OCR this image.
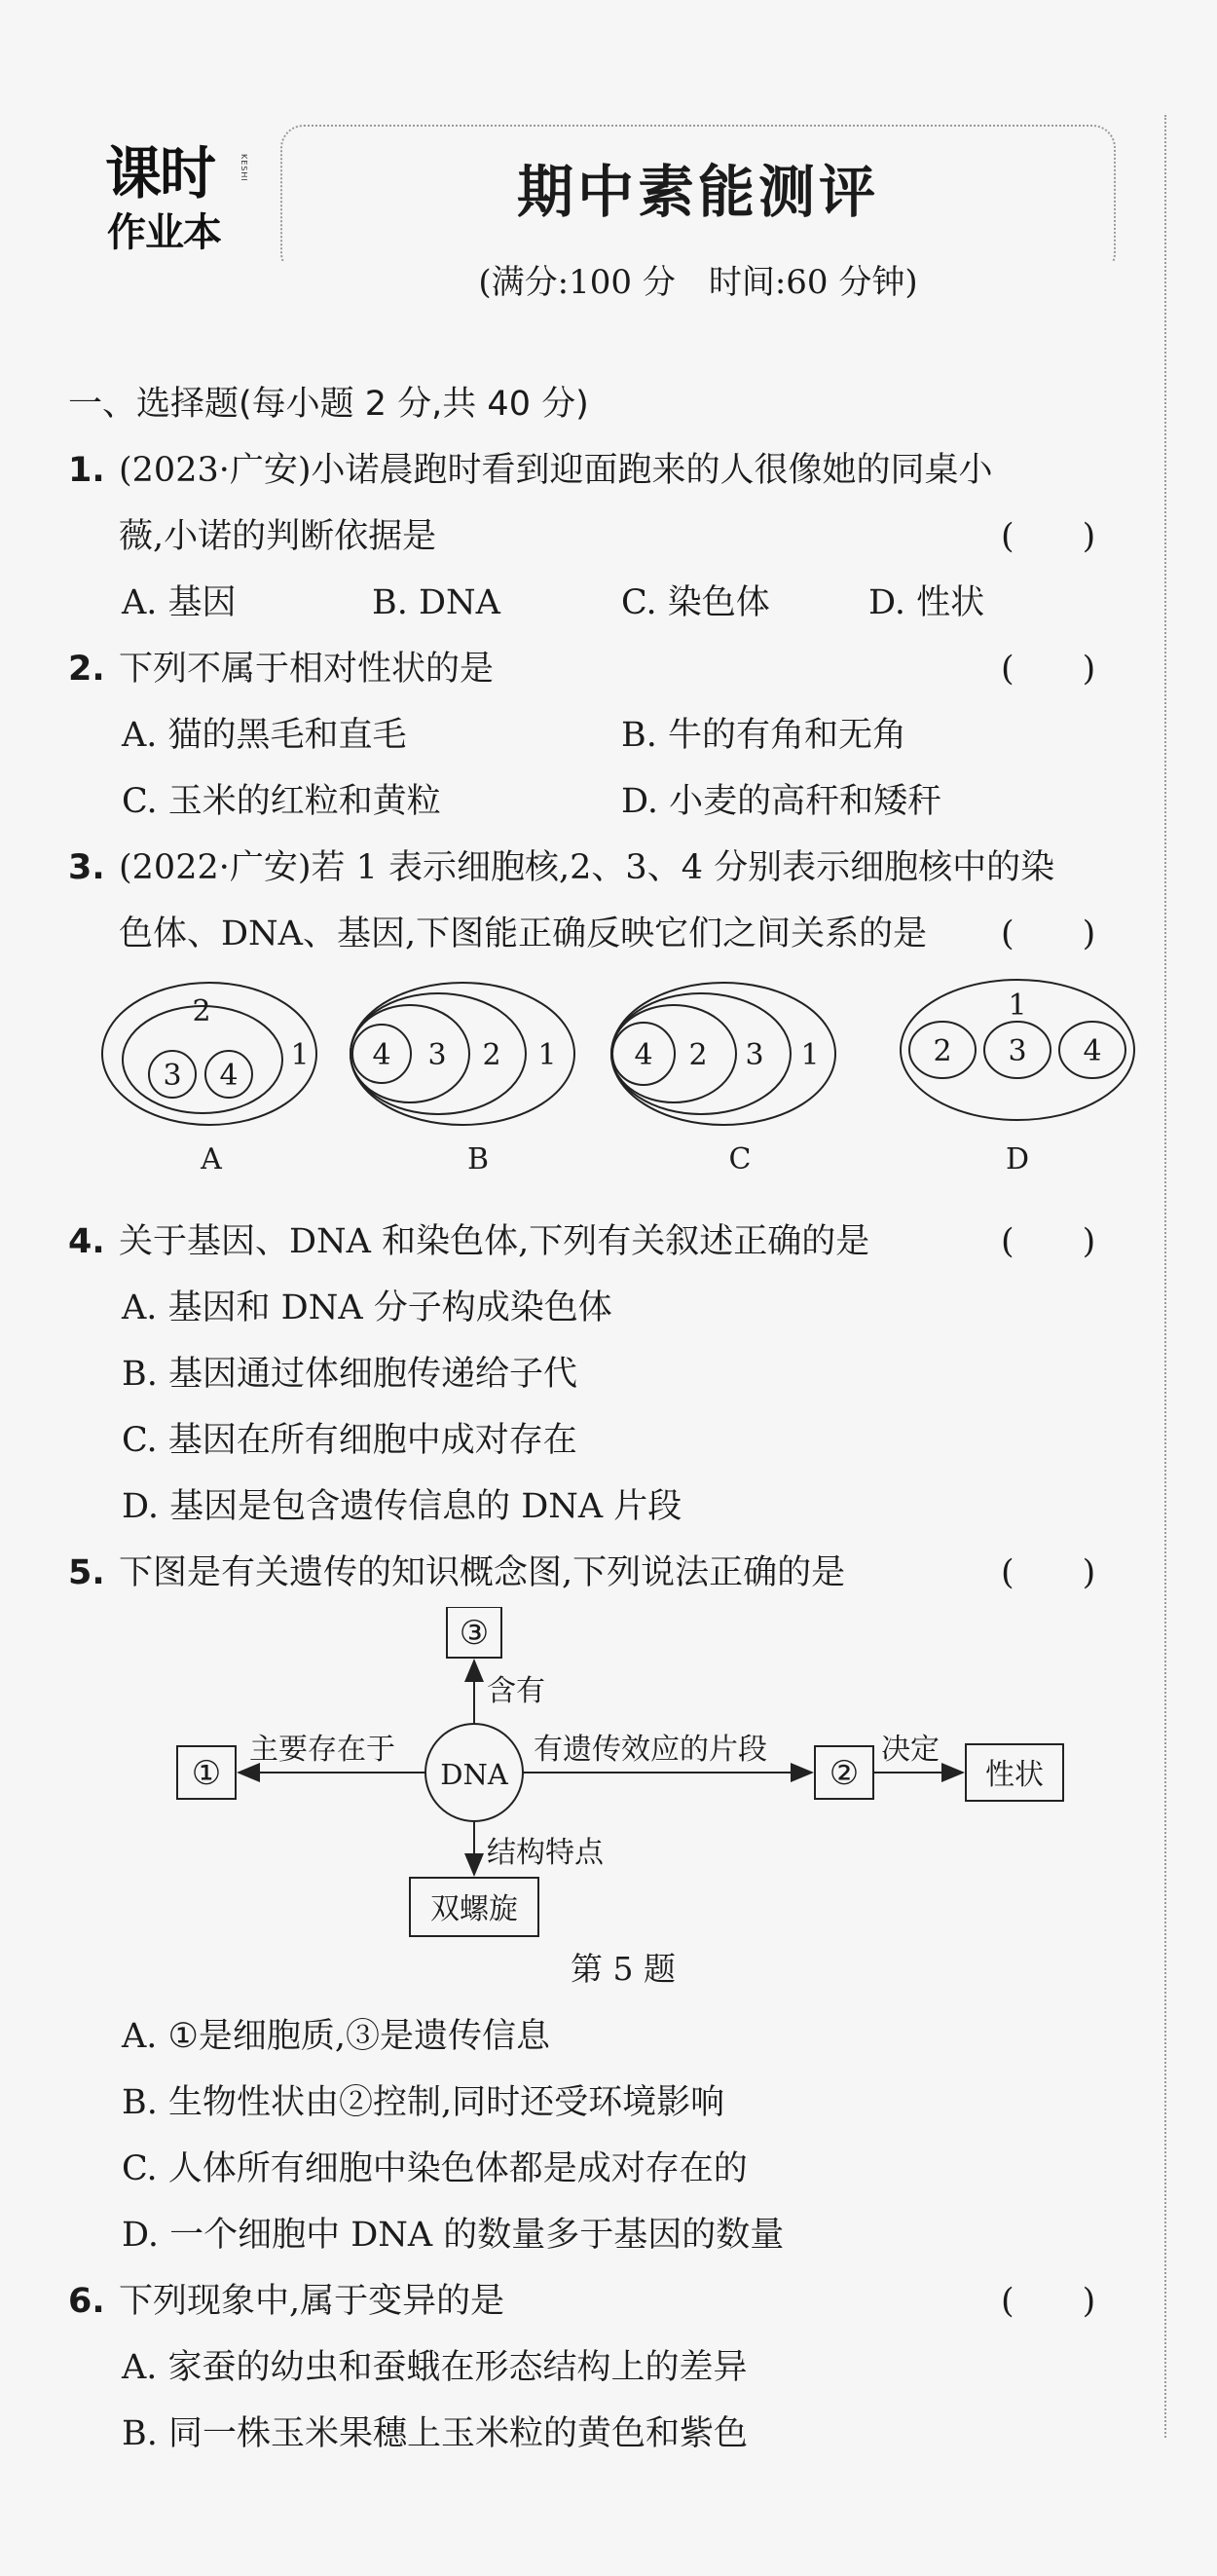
课时	KESHI
作业本
期中素能测评
(满分:100 分　时间:60 分钟)
一、选择题(每小题 2 分,共 40 分)
1. (2023·广安)小诺晨跑时看到迎面跑来的人很像她的同桌小
薇,小诺的判断依据是	(　　)
A. 基因	B. DNA	C. 染色体	D. 性状
2. 下列不属于相对性状的是	(　　)
A. 猫的黑毛和直毛	B. 牛的有角和无角
C. 玉米的红粒和黄粒	D. 小麦的高秆和矮秆
3. (2022·广安)若 1 表示细胞核,2、3、4 分别表示细胞核中的染
色体、DNA、基因,下图能正确反映它们之间关系的是 (　　)
2
3 4
1 4 3 2 1	4 2 3 1
1
2 3 4
A	B	C	D
4. 关于基因、DNA 和染色体,下列有关叙述正确的是	(　　)
A. 基因和 DNA 分子构成染色体
B. 基因通过体细胞传递给子代
C. 基因在所有细胞中成对存在
D. 基因是包含遗传信息的 DNA 片段
5. 下图是有关遗传的知识概念图,下列说法正确的是	(　　)
DNA
③
①	②	性状
双螺旋
主要存在于
含有
有遗传效应的片段	决定
结构特点
第 5 题
A. ①是细胞质,③是遗传信息
B. 生物性状由②控制,同时还受环境影响
C. 人体所有细胞中染色体都是成对存在的
D. 一个细胞中 DNA 的数量多于基因的数量
6. 下列现象中,属于变异的是	(　　)
A. 家蚕的幼虫和蚕蛾在形态结构上的差异
B. 同一株玉米果穗上玉米粒的黄色和紫色
